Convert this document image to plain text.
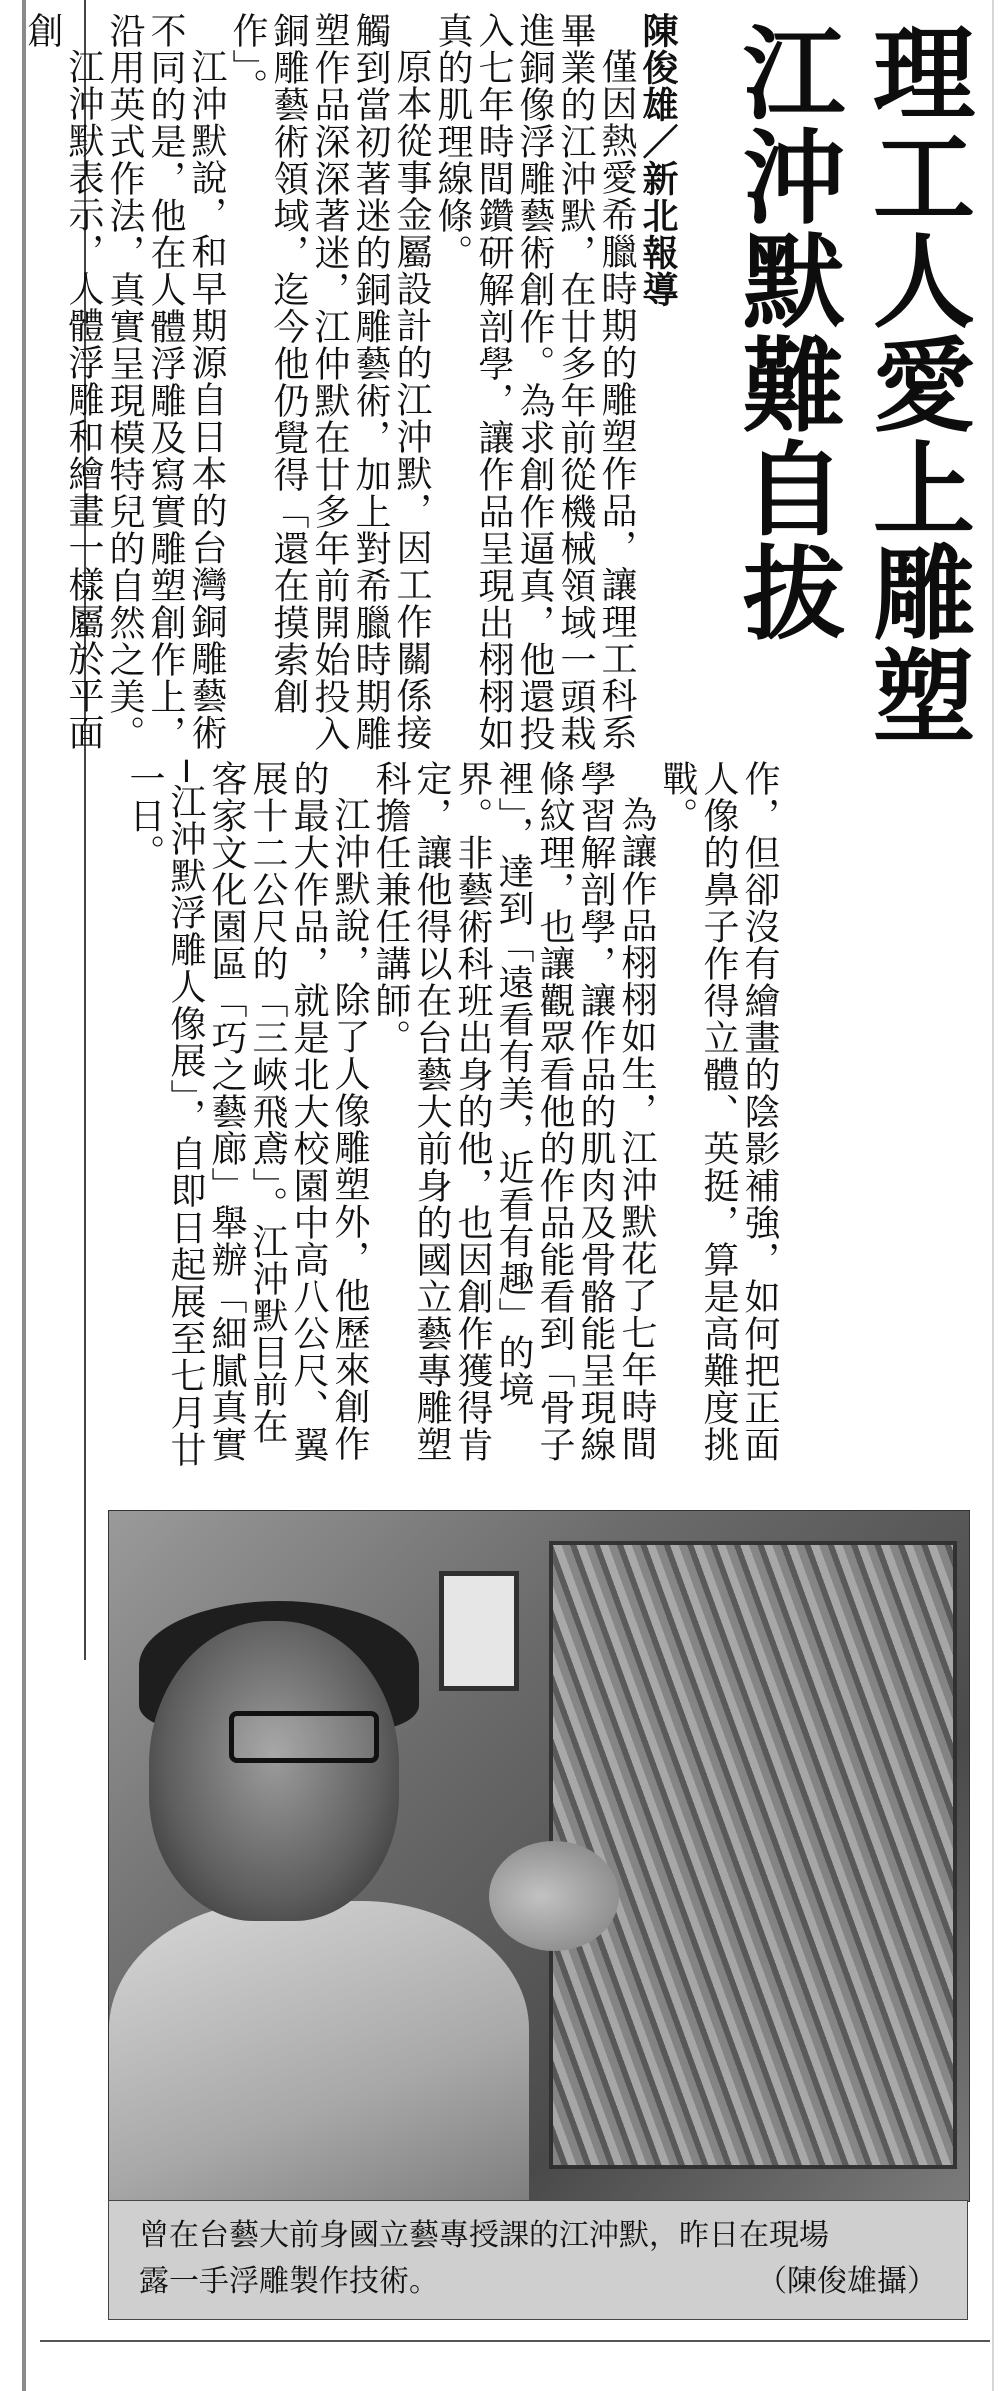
理工人愛上雕塑
江沖默難自拔

陳俊雄／新北報導

僅因熱愛希臘時期的雕塑作品，讓理工科系畢業的江沖默，在廿多年前從機械領域一頭栽進銅像浮雕藝術創作。為求創作逼真，他還投入七年時間鑽研解剖學，讓作品呈現出栩栩如真的肌理線條。

原本從事金屬設計的江沖默，因工作關係接觸到當初著迷的銅雕藝術，加上對希臘時期雕塑作品深深著迷，江仲默在廿多年前開始投入銅雕藝術領域，迄今他仍覺得「還在摸索創作」。

江沖默說，和早期源自日本的台灣銅雕藝術不同的是，他在人體浮雕及寫實雕塑創作上，沿用英式作法，真實呈現模特兒的自然之美。

江沖默表示，人體浮雕和繪畫一樣屬於平面創

作，但卻沒有繪畫的陰影補強，如何把正面人像的鼻子作得立體、英挺，算是高難度挑戰。

為讓作品栩栩如生，江沖默花了七年時間學習解剖學，讓作品的肌肉及骨骼能呈現線條紋理，也讓觀眾看他的作品能看到「骨子裡」，達到「遠看有美，近看有趣」的境界。非藝術科班出身的他，也因創作獲得肯定，讓他得以在台藝大前身的國立藝專雕塑科擔任兼任講師。

江沖默說，除了人像雕塑外，他歷來創作的最大作品，就是北大校園中高八公尺、翼展十二公尺的「三峽飛鳶」。江沖默目前在客家文化園區「巧之藝廊」舉辦「細膩真實─江沖默浮雕人像展」，自即日起展至七月廿一日。

曾在台藝大前身國立藝專授課的江沖默，昨日在現場
露一手浮雕製作技術。	（陳俊雄攝）
